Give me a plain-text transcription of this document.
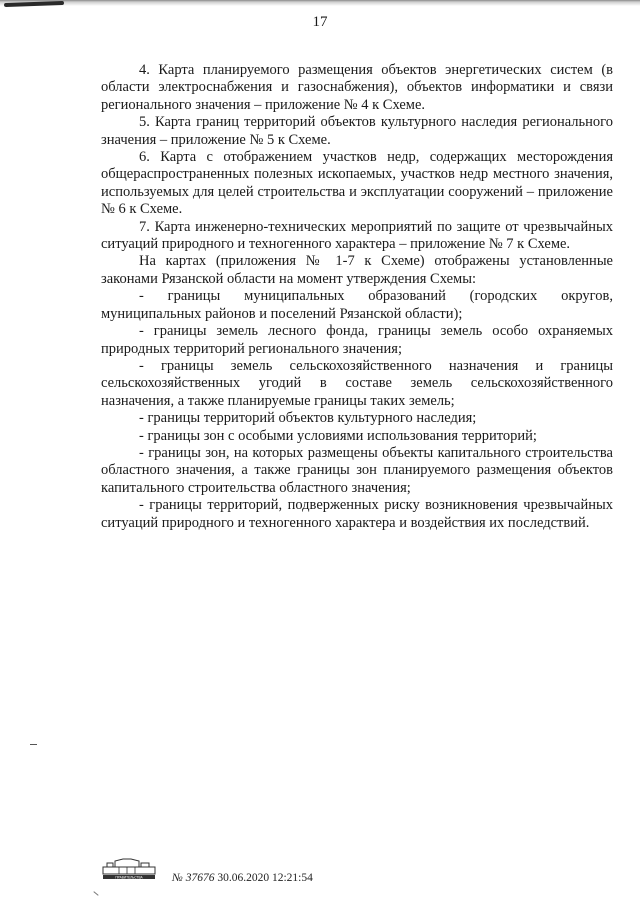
17

4. Карта планируемого размещения объектов энергетических систем (в области электроснабжения и газоснабжения), объектов информатики и связи регионального значения – приложение № 4 к Схеме.

5. Карта границ территорий объектов культурного наследия регионального значения – приложение № 5 к Схеме.

6. Карта с отображением участков недр, содержащих месторождения общераспространенных полезных ископаемых, участков недр местного значения, используемых для целей строительства и эксплуатации сооружений – приложение № 6 к Схеме.

7. Карта инженерно-технических мероприятий по защите от чрезвычайных ситуаций природного и техногенного характера – приложение № 7 к Схеме.

На картах (приложения № 1-7 к Схеме) отображены установленные законами Рязанской области на момент утверждения Схемы:

- границы муниципальных образований (городских округов, муниципальных районов и поселений Рязанской области);

- границы земель лесного фонда, границы земель особо охраняемых природных территорий регионального значения;

- границы земель сельскохозяйственного назначения и границы сельскохозяйственных угодий в составе земель сельскохозяйственного назначения, а также планируемые границы таких земель;

- границы территорий объектов культурного наследия;

- границы зон с особыми условиями использования территорий;

- границы зон, на которых размещены объекты капитального строительства областного значения, а также границы зон планируемого размещения объектов капитального строительства областного значения;

- границы территорий, подверженных риску возникновения чрезвычайных ситуаций природного и техногенного характера и воздействия их последствий.

ПРАВИТЕЛЬСТВА	№ 37676 30.06.2020 12:21:54
